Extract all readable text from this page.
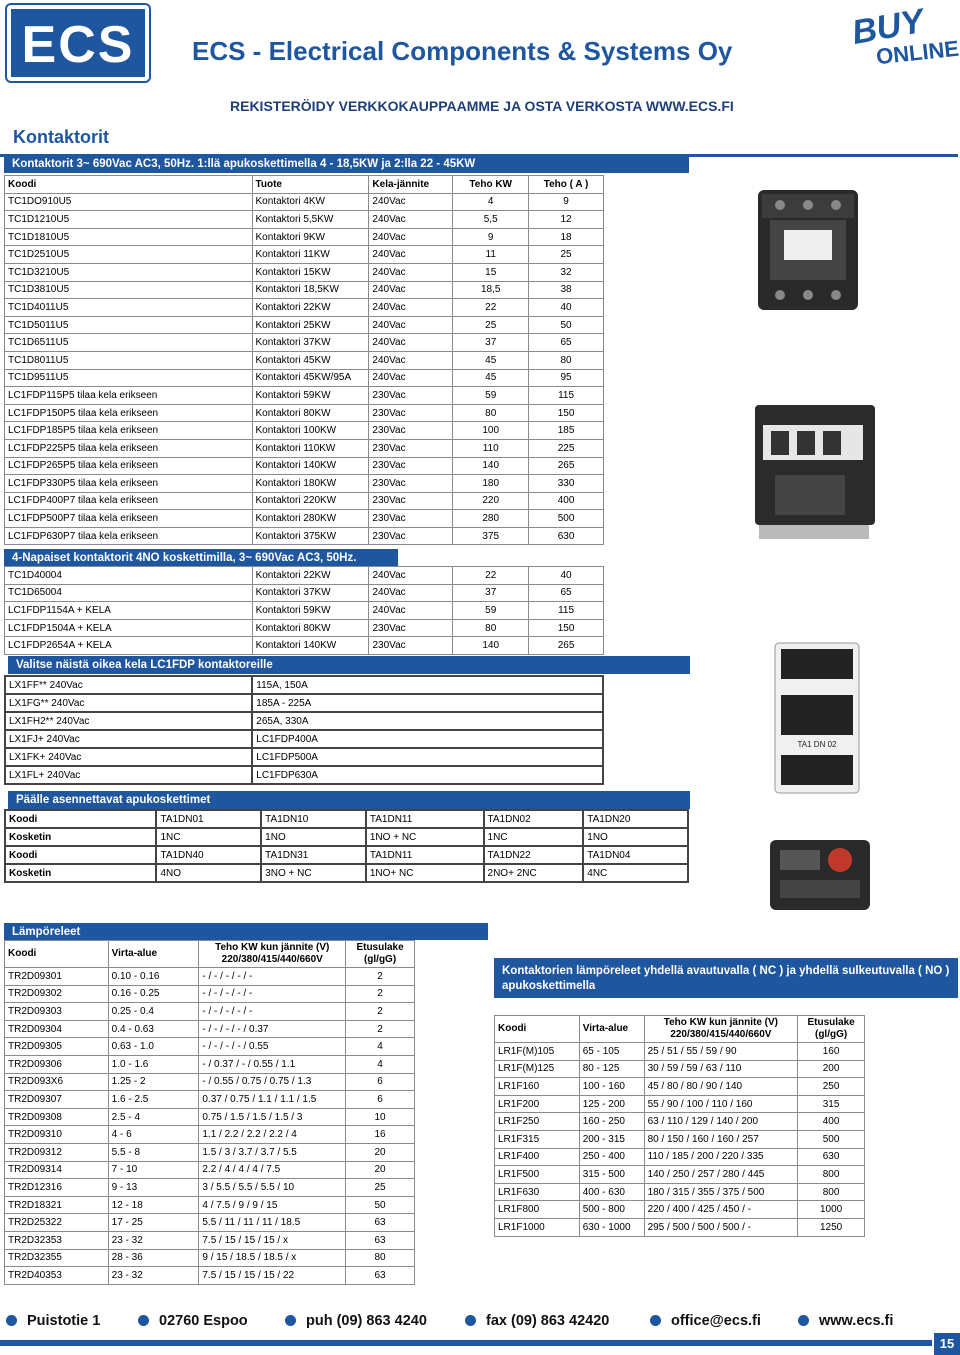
ECS	ECS - Electrical Components & Systems Oy	BUY
ONLINE
REKISTERÖIDY VERKKOKAUPPAAMME JA OSTA VERKOSTA WWW.ECS.FI
Kontaktorit
Kontaktorit 3~ 690Vac AC3, 50Hz. 1:llä apukoskettimella 4 - 18,5KW ja 2:lla 22 - 45KW
Koodi	Tuote	Kela-jännite	Teho KW	Teho ( A )
TC1DO910U5	Kontaktori 4KW	240Vac	4	9
TC1D1210U5	Kontaktori 5,5KW	240Vac	5,5	12
TC1D1810U5	Kontaktori 9KW	240Vac	9	18
TC1D2510U5	Kontaktori 11KW	240Vac	11	25
TC1D3210U5	Kontaktori 15KW	240Vac	15	32
TC1D3810U5	Kontaktori 18,5KW	240Vac	18,5	38
TC1D4011U5	Kontaktori 22KW	240Vac	22	40
TC1D5011U5	Kontaktori 25KW	240Vac	25	50
TC1D6511U5	Kontaktori 37KW	240Vac	37	65
TC1D8011U5	Kontaktori 45KW	240Vac	45	80
TC1D9511U5	Kontaktori 45KW/95A	240Vac	45	95
LC1FDP115P5 tilaa kela erikseen	Kontaktori 59KW	230Vac	59	115
LC1FDP150P5 tilaa kela erikseen	Kontaktori 80KW	230Vac	80	150
LC1FDP185P5 tilaa kela erikseen	Kontaktori 100KW	230Vac	100	185
LC1FDP225P5 tilaa kela erikseen	Kontaktori 110KW	230Vac	110	225
LC1FDP265P5 tilaa kela erikseen	Kontaktori 140KW	230Vac	140	265
LC1FDP330P5 tilaa kela erikseen	Kontaktori 180KW	230Vac	180	330
LC1FDP400P7 tilaa kela erikseen	Kontaktori 220KW	230Vac	220	400
LC1FDP500P7 tilaa kela erikseen	Kontaktori 280KW	230Vac	280	500
LC1FDP630P7 tilaa kela erikseen	Kontaktori 375KW	230Vac	375	630
4-Napaiset kontaktorit 4NO koskettimilla, 3~ 690Vac AC3, 50Hz.
TC1D40004	Kontaktori 22KW	240Vac	22	40
TC1D65004	Kontaktori 37KW	240Vac	37	65
LC1FDP1154A + KELA	Kontaktori 59KW	240Vac	59	115
LC1FDP1504A + KELA	Kontaktori 80KW	230Vac	80	150
LC1FDP2654A + KELA	Kontaktori 140KW	230Vac	140	265
Valitse näistä oikea kela LC1FDP kontaktoreille
LX1FF** 240Vac	115A, 150A
LX1FG** 240Vac	185A - 225A
LX1FH2** 240Vac	265A, 330A
LX1FJ+ 240Vac	LC1FDP400A
LX1FK+ 240Vac	LC1FDP500A
LX1FL+ 240Vac	LC1FDP630A
Päälle asennettavat apukoskettimet
Koodi	TA1DN01	TA1DN10	TA1DN11	TA1DN02	TA1DN20
Kosketin	1NC	1NO	1NO + NC	1NC	1NO
Koodi	TA1DN40	TA1DN31	TA1DN11	TA1DN22	TA1DN04
Kosketin	4NO	3NO + NC	1NO+ NC	2NO+ 2NC	4NC
Lämpöreleet
Koodi	Virta-alue	Teho KW kun jännite (V) 220/380/415/440/660V	Etusulake (gl/gG)
TR2D09301	0.10 - 0.16	- / - / - / - / -	2
TR2D09302	0.16 - 0.25	- / - / - / - / -	2
TR2D09303	0.25 - 0.4	- / - / - / - / -	2
TR2D09304	0.4 - 0.63	- / - / - / - / 0.37	2
TR2D09305	0.63 - 1.0	- / - / - / - / 0.55	4
TR2D09306	1.0 - 1.6	- / 0.37 / - / 0.55 / 1.1	4
TR2D093X6	1.25 - 2	- / 0.55 / 0.75 / 0.75 / 1.3	6
TR2D09307	1.6 - 2.5	0.37 / 0.75 / 1.1 / 1.1 / 1.5	6
TR2D09308	2.5 - 4	0.75 / 1.5 / 1.5 / 1.5 / 3	10
TR2D09310	4 - 6	1.1 / 2.2 / 2.2 / 2.2 / 4	16
TR2D09312	5.5 - 8	1.5 / 3 / 3.7 / 3.7 / 5.5	20
TR2D09314	7 - 10	2.2 / 4 / 4 / 4 / 7.5	20
TR2D12316	9 - 13	3 / 5.5 / 5.5 / 5.5 / 10	25
TR2D18321	12 - 18	4 / 7.5 / 9 / 9 / 15	50
TR2D25322	17 - 25	5.5 / 11 / 11 / 11 / 18.5	63
TR2D32353	23 - 32	7.5 / 15 / 15 / 15 / x	63
TR2D32355	28 - 36	9 / 15 / 18.5 / 18.5 / x	80
TR2D40353	23 - 32	7.5 / 15 / 15 / 15 / 22	63
Kontaktorien lämpöreleet yhdellä avautuvalla ( NC ) ja yhdellä sulkeutuvalla ( NO ) apukoskettimella
Koodi	Virta-alue	Teho KW kun jännite (V) 220/380/415/440/660V	Etusulake (gl/gG)
LR1F(M)105	65 - 105	25 / 51 / 55 / 59 / 90	160
LR1F(M)125	80 - 125	30 / 59 / 59 / 63 / 110	200
LR1F160	100 - 160	45 / 80 / 80 / 90 / 140	250
LR1F200	125 - 200	55 / 90 / 100 / 110 / 160	315
LR1F250	160 - 250	63 / 110 / 129 / 140 / 200	400
LR1F315	200 - 315	80 / 150 / 160 / 160 / 257	500
LR1F400	250 - 400	110 / 185 / 200 / 220 / 335	630
LR1F500	315 - 500	140 / 250 / 257 / 280 / 445	800
LR1F630	400 - 630	180 / 315 / 355 / 375 / 500	800
LR1F800	500 - 800	220 / 400 / 425 / 450 / -	1000
LR1F1000	630 - 1000	295 / 500 / 500 / 500 / -	1250
TA1 DN 02
Puistotie 1	02760 Espoo	puh (09) 863 4240	fax (09) 863 42420	office@ecs.fi	www.ecs.fi
15
